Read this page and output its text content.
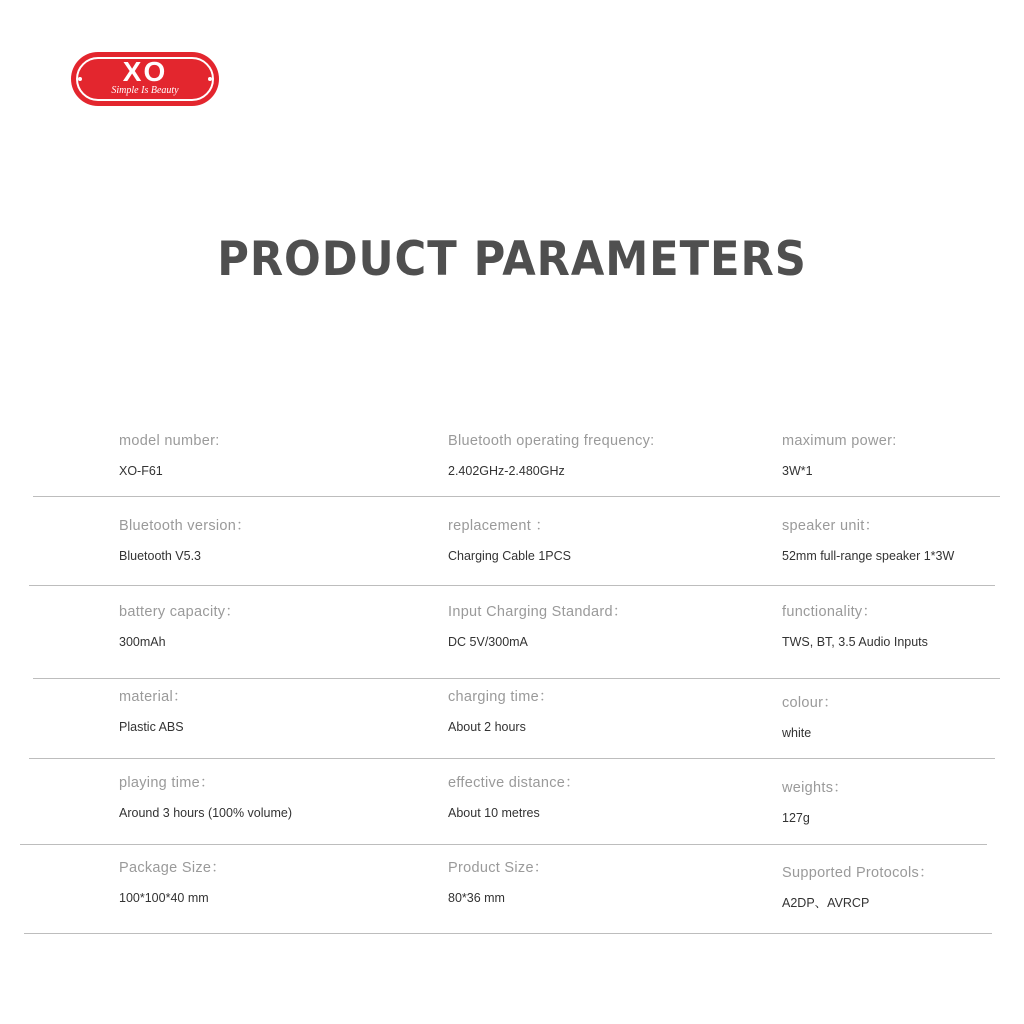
XO
Simple Is Beauty
PRODUCT PARAMETERS
model number:
XO-F61
Bluetooth operating frequency:
2.402GHz-2.480GHz
maximum power:
3W*1
Bluetooth version：
Bluetooth V5.3
replacement ：
Charging Cable 1PCS
speaker unit：
52mm full-range speaker 1*3W
battery capacity：
300mAh
Input Charging Standard：
DC 5V/300mA
functionality：
TWS, BT, 3.5 Audio Inputs
material：
Plastic ABS
charging time：
About 2 hours
colour：
white
playing time：
Around 3 hours (100% volume)
effective distance：
About 10 metres
weights：
127g
Package Size：
100*100*40 mm
Product Size：
80*36 mm
Supported Protocols：
A2DP、AVRCP
